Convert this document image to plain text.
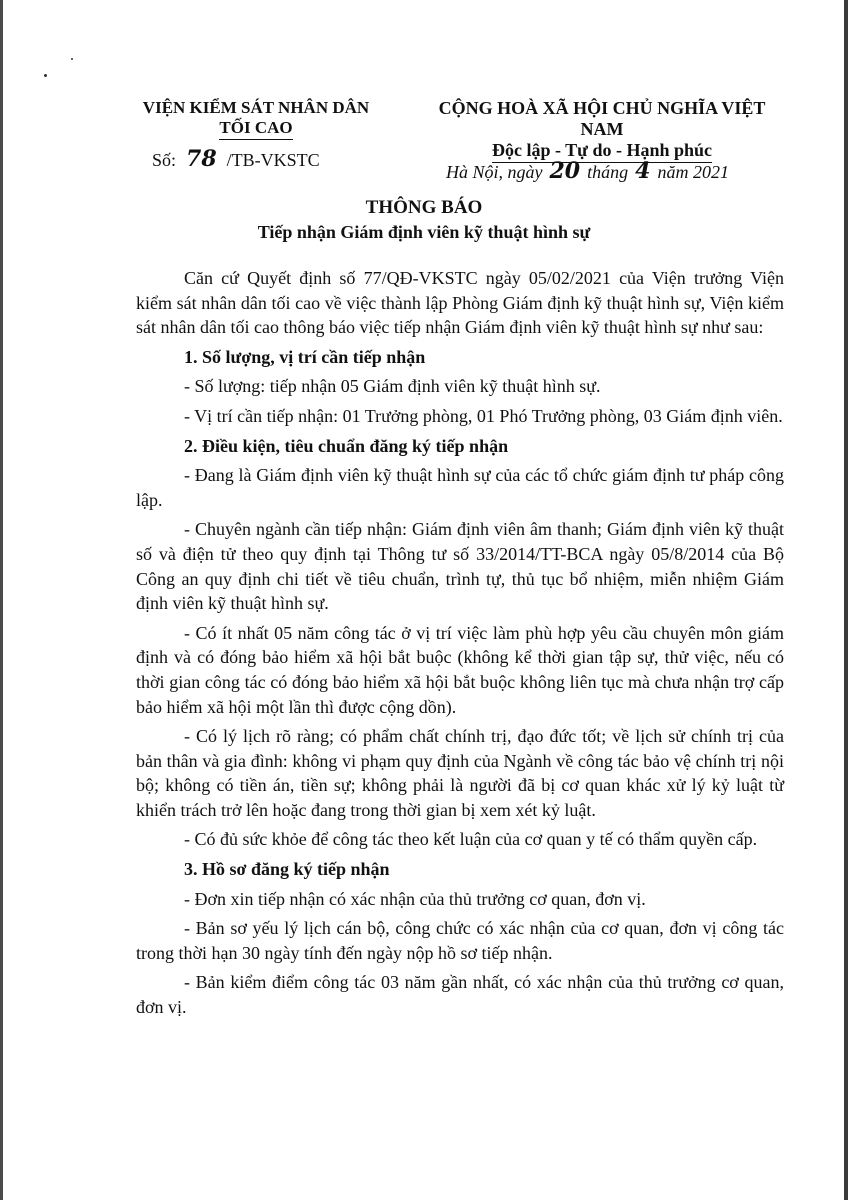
VIỆN KIỂM SÁT NHÂN DÂN
TỐI CAO
Số: 78 /TB-VKSTC
CỘNG HOÀ XÃ HỘI CHỦ NGHĨA VIỆT NAM
Độc lập - Tự do - Hạnh phúc
Hà Nội, ngày 20 tháng 4 năm 2021
THÔNG BÁO
Tiếp nhận Giám định viên kỹ thuật hình sự

Căn cứ Quyết định số 77/QĐ-VKSTC ngày 05/02/2021 của Viện trưởng Viện kiểm sát nhân dân tối cao về việc thành lập Phòng Giám định kỹ thuật hình sự, Viện kiểm sát nhân dân tối cao thông báo việc tiếp nhận Giám định viên kỹ thuật hình sự như sau:

1. Số lượng, vị trí cần tiếp nhận

- Số lượng: tiếp nhận 05 Giám định viên kỹ thuật hình sự.

- Vị trí cần tiếp nhận: 01 Trưởng phòng, 01 Phó Trưởng phòng, 03 Giám định viên.

2. Điều kiện, tiêu chuẩn đăng ký tiếp nhận

- Đang là Giám định viên kỹ thuật hình sự của các tổ chức giám định tư pháp công lập.

- Chuyên ngành cần tiếp nhận: Giám định viên âm thanh; Giám định viên kỹ thuật số và điện tử theo quy định tại Thông tư số 33/2014/TT-BCA ngày 05/8/2014 của Bộ Công an quy định chi tiết về tiêu chuẩn, trình tự, thủ tục bổ nhiệm, miễn nhiệm Giám định viên kỹ thuật hình sự.

- Có ít nhất 05 năm công tác ở vị trí việc làm phù hợp yêu cầu chuyên môn giám định và có đóng bảo hiểm xã hội bắt buộc (không kể thời gian tập sự, thử việc, nếu có thời gian công tác có đóng bảo hiểm xã hội bắt buộc không liên tục mà chưa nhận trợ cấp bảo hiểm xã hội một lần thì được cộng dồn).

- Có lý lịch rõ ràng; có phẩm chất chính trị, đạo đức tốt; về lịch sử chính trị của bản thân và gia đình: không vi phạm quy định của Ngành về công tác bảo vệ chính trị nội bộ; không có tiền án, tiền sự; không phải là người đã bị cơ quan khác xử lý kỷ luật từ khiển trách trở lên hoặc đang trong thời gian bị xem xét kỷ luật.

- Có đủ sức khỏe để công tác theo kết luận của cơ quan y tế có thẩm quyền cấp.

3. Hồ sơ đăng ký tiếp nhận

- Đơn xin tiếp nhận có xác nhận của thủ trưởng cơ quan, đơn vị.

- Bản sơ yếu lý lịch cán bộ, công chức có xác nhận của cơ quan, đơn vị công tác trong thời hạn 30 ngày tính đến ngày nộp hồ sơ tiếp nhận.

- Bản kiểm điểm công tác 03 năm gần nhất, có xác nhận của thủ trưởng cơ quan, đơn vị.
